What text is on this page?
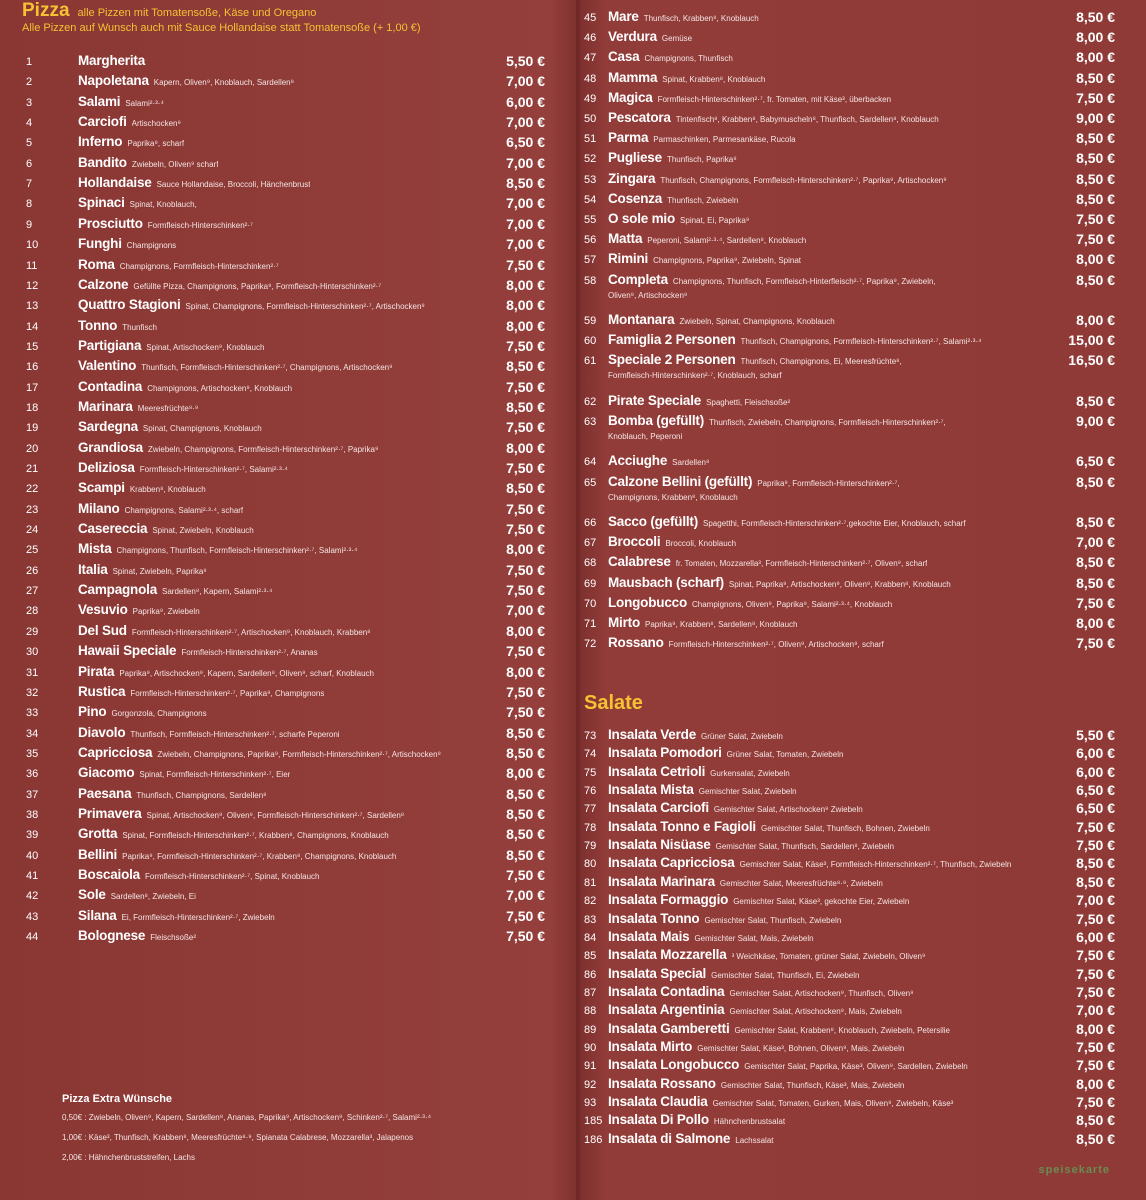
Pizza alle Pizzen mit Tomatensoße, Käse und Oregano
Alle Pizzen auf Wunsch auch mit Sauce Hollandaise statt Tomatensoße (+ 1,00 €)
1	Margherita	5,50 €
2	Napoletana Kapern, Oliven⁹, Knoblauch, Sardellen⁸	7,00 €
3	Salami Salami²·³·⁴	6,00 €
4	Carciofi Artischocken⁹	7,00 €
5	Inferno Paprika⁹, scharf	6,50 €
6	Bandito Zwiebeln, Oliven⁹ scharf	7,00 €
7	Hollandaise Sauce Hollandaise, Broccoli, Hänchenbrust	8,50 €
8	Spinaci Spinat, Knoblauch,	7,00 €
9	Prosciutto Formfleisch-Hinterschinken²·⁷	7,00 €
10	Funghi Champignons	7,00 €
11	Roma Champignons, Formfleisch-Hinterschinken²·⁷	7,50 €
12	Calzone Gefüllte Pizza, Champignons, Paprika⁹, Formfleisch-Hinterschinken²·⁷	8,00 €
13	Quattro Stagioni Spinat, Champignons, Formfleisch-Hinterschinken²·⁷, Artischocken⁹	8,00 €
14	Tonno Thunfisch	8,00 €
15	Partigiana Spinat, Artischocken⁹, Knoblauch	7,50 €
16	Valentino Thunfisch, Formfleisch-Hinterschinken²·⁷, Champignons, Artischocken⁹	8,50 €
17	Contadina Champignons, Artischocken⁹, Knoblauch	7,50 €
18	Marinara Meeresfrüchte⁸·⁹	8,50 €
19	Sardegna Spinat, Champignons, Knoblauch	7,50 €
20	Grandiosa Zwiebeln, Champignons, Formfleisch-Hinterschinken²·⁷, Paprika⁹	8,00 €
21	Deliziosa Formfleisch-Hinterschinken²·⁷, Salami²·³·⁴	7,50 €
22	Scampi Krabben⁸, Knoblauch	8,50 €
23	Milano Champignons, Salami²·³·⁴, scharf	7,50 €
24	Casereccia Spinat, Zwiebeln, Knoblauch	7,50 €
25	Mista Champignons, Thunfisch, Formfleisch-Hinterschinken²·⁷, Salami²·³·⁴	8,00 €
26	Italia Spinat, Zwiebeln, Paprika⁹	7,50 €
27	Campagnola Sardellen⁸, Kapern, Salami²·³·⁴	7,50 €
28	Vesuvio Paprika⁹, Zwiebeln	7,00 €
29	Del Sud Formfleisch-Hinterschinken²·⁷, Artischocken⁹, Knoblauch, Krabben⁸	8,00 €
30	Hawaii Speciale Formfleisch-Hinterschinken²·⁷, Ananas	7,50 €
31	Pirata Paprika⁹, Artischocken⁹, Kapern, Sardellen⁸, Oliven⁹, scharf, Knoblauch	8,00 €
32	Rustica Formfleisch-Hinterschinken²·⁷, Paprika⁹, Champignons	7,50 €
33	Pino Gorgonzola, Champignons	7,50 €
34	Diavolo Thunfisch, Formfleisch-Hinterschinken²·⁷, scharfe Peperoni	8,50 €
35	Capricciosa Zwiebeln, Champignons, Paprika⁹, Formfleisch-Hinterschinken²·⁷, Artischocken⁹	8,50 €
36	Giacomo Spinat, Formfleisch-Hinterschinken²·⁷, Eier	8,00 €
37	Paesana Thunfisch, Champignons, Sardellen⁸	8,50 €
38	Primavera Spinat, Artischocken⁹, Oliven⁹, Formfleisch-Hinterschinken²·⁷, Sardellen⁸	8,50 €
39	Grotta Spinat, Formfleisch-Hinterschinken²·⁷, Krabben⁸, Champignons, Knoblauch	8,50 €
40	Bellini Paprika⁹, Formfleisch-Hinterschinken²·⁷, Krabben⁸, Champignons, Knoblauch	8,50 €
41	Boscaiola Formfleisch-Hinterschinken²·⁷, Spinat, Knoblauch	7,50 €
42	Sole Sardellen⁸, Zwiebeln, Ei	7,00 €
43	Silana Ei, Formfleisch-Hinterschinken²·⁷, Zwiebeln	7,50 €
44	Bolognese Fleischsoße²	7,50 €
Pizza Extra Wünsche
0,50€ : Zwiebeln, Oliven⁹, Kapern, Sardellen⁸, Ananas, Paprika⁹, Artischocken⁹, Schinken²·⁷, Salami²·³·⁴
1,00€ : Käse³, Thunfisch, Krabben⁸, Meeresfrüchte⁸·⁹, Spianata Calabrese, Mozzarella³, Jalapenos
2,00€ : Hähnchenbruststreifen, Lachs
45 Mare Thunfisch, Krabben⁸, Knoblauch	8,50 €
46 Verdura Gemüse	8,00 €
47 Casa Champignons, Thunfisch	8,00 €
48 Mamma Spinat, Krabben⁸, Knoblauch	8,50 €
49 Magica Formfleisch-Hinterschinken²·⁷, fr. Tomaten, mit Käse³, überbacken	7,50 €
50 Pescatora Tintenfisch⁸, Krabben⁸, Babymuscheln⁸, Thunfisch, Sardellen⁸, Knoblauch	9,00 €
51 Parma Parmaschinken, Parmesankäse, Rucola	8,50 €
52 Pugliese Thunfisch, Paprika⁹	8,50 €
53 Zingara Thunfisch, Champignons, Formfleisch-Hinterschinken²·⁷, Paprika⁹, Artischocken⁹	8,50 €
54 Cosenza Thunfisch, Zwiebeln	8,50 €
55 O sole mio Spinat, Ei, Paprika⁹	7,50 €
56 Matta Peperoni, Salami²·³·⁴, Sardellen⁸, Knoblauch	7,50 €
57 Rimini Champignons, Paprika⁹, Zwiebeln, Spinat	8,00 €
58 Completa Champignons, Thunfisch, Formfleisch-Hinterfleisch²·⁷, Paprika⁹, Zwiebeln,	8,50 €
Oliven⁹, Artischocken⁹
59 Montanara Zwiebeln, Spinat, Champignons, Knoblauch	8,00 €
60 Famiglia 2 Personen Thunfisch, Champignons, Formfleisch-Hinterschinken²·⁷, Salami²·³·⁴	15,00 €
61 Speciale 2 Personen Thunfisch, Champignons, Ei, Meeresfrüchte⁸,	16,50 €
Formfleisch-Hinterschinken²·⁷, Knoblauch, scharf
62 Pirate Speciale Spaghetti, Fleischsoße²	8,50 €
63 Bomba (gefüllt) Thunfisch, Zwiebeln, Champignons, Formfleisch-Hinterschinken²·⁷,	9,00 €
Knoblauch, Peperoni
64 Acciughe Sardellen⁸	6,50 €
65 Calzone Bellini (gefüllt) Paprika⁹, Formfleisch-Hinterschinken²·⁷,	8,50 €
Champignons, Krabben⁸, Knoblauch
66 Sacco (gefüllt) Spagetthi, Formfleisch-Hinterschinken²·⁷,gekochte Eier, Knoblauch, scharf	8,50 €
67 Broccoli Broccoli, Knoblauch	7,00 €
68 Calabrese fr. Tomaten, Mozzarella³, Formfleisch-Hinterschinken²·⁷, Oliven⁹, scharf	8,50 €
69 Mausbach (scharf) Spinat, Paprika⁹, Artischocken⁹, Oliven⁹, Krabben⁸, Knoblauch	8,50 €
70 Longobucco Champignons, Oliven⁹, Paprika⁹, Salami²·³·⁴, Knoblauch	7,50 €
71 Mirto Paprika⁹, Krabben⁸, Sardellen⁸, Knoblauch	8,00 €
72 Rossano Formfleisch-Hinterschinken²·⁷, Oliven⁹, Artischocken⁹, scharf	7,50 €
Salate
73 Insalata Verde Grüner Salat, Zwiebeln	5,50 €
74 Insalata Pomodori Grüner Salat, Tomaten, Zwiebeln	6,00 €
75 Insalata Cetrioli Gurkensalat, Zwiebeln	6,00 €
76 Insalata Mista Gemischter Salat, Zwiebeln	6,50 €
77 Insalata Carciofi Gemischter Salat, Artischocken⁹ Zwiebeln	6,50 €
78 Insalata Tonno e Fagioli Gemischter Salat, Thunfisch, Bohnen, Zwiebeln	7,50 €
79 Insalata Nisüase Gemischter Salat, Thunfisch, Sardellen⁸, Zwiebeln	7,50 €
80 Insalata Capricciosa Gemischter Salat, Käse³, Formfleisch-Hinterschinken²·⁷, Thunfisch, Zwiebeln	8,50 €
81 Insalata Marinara Gemischter Salat, Meeresfrüchte⁸·⁹, Zwiebeln	8,50 €
82 Insalata Formaggio Gemischter Salat, Käse³, gekochte Eier, Zwiebeln	7,00 €
83 Insalata Tonno Gemischter Salat, Thunfisch, Zwiebeln	7,50 €
84 Insalata Mais Gemischter Salat, Mais, Zwiebeln	6,00 €
85 Insalata Mozzarella ³ Weichkäse, Tomaten, grüner Salat, Zwiebeln, Oliven⁹	7,50 €
86 Insalata Special Gemischter Salat, Thunfisch, Ei, Zwiebeln	7,50 €
87 Insalata Contadina Gemischter Salat, Artischocken⁹, Thunfisch, Oliven⁹	7,50 €
88 Insalata Argentinia Gemischter Salat, Artischocken⁹, Mais, Zwiebeln	7,00 €
89 Insalata Gamberetti Gemischter Salat, Krabben⁸, Knoblauch, Zwiebeln, Petersilie	8,00 €
90 Insalata Mirto Gemischter Salat, Käse³, Bohnen, Oliven⁹, Mais, Zwiebeln	7,50 €
91 Insalata Longobucco Gemischter Salat, Paprika, Käse³, Oliven⁹, Sardellen, Zwiebeln	7,50 €
92 Insalata Rossano Gemischter Salat, Thunfisch, Käse³, Mais, Zwiebeln	8,00 €
93 Insalata Claudia Gemischter Salat, Tomaten, Gurken, Mais, Oliven⁹, Zwiebeln, Käse³	7,50 €
185 Insalata Di Pollo Hähnchenbrustsalat	8,50 €
186 Insalata di Salmone Lachssalat	8,50 €
speisekarte
